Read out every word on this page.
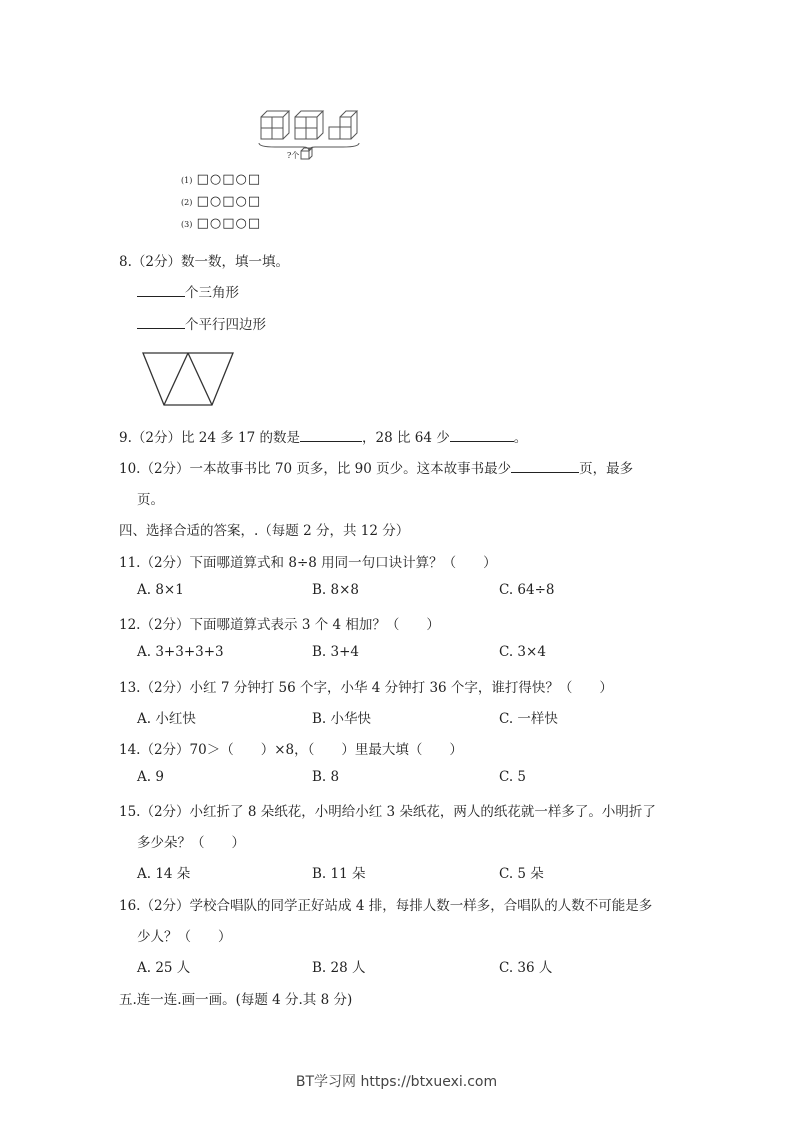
?个
(1) □○□○□
(2) □○□○□
(3) □○□○□
8.（2分）数一数，填一填。
个三角形
个平行四边形
9.（2分）比 24 多 17 的数是	，28 比 64 少	。
10.（2分）一本故事书比 70 页多，比 90 页少。这本故事书最少	页，最多
页。
四、选择合适的答案，.（每题 2 分，共 12 分）
11.（2分）下面哪道算式和 8÷8 用同一句口诀计算？（　　）
A. 8×1	B. 8×8	C. 64÷8
12.（2分）下面哪道算式表示 3 个 4 相加？（　　）
A. 3+3+3+3	B. 3+4	C. 3×4
13.（2分）小红 7 分钟打 56 个字，小华 4 分钟打 36 个字，谁打得快？（　　）
A. 小红快	B. 小华快	C. 一样快
14.（2分）70＞（　　）×8，（　　）里最大填（　　）
A. 9	B. 8	C. 5
15.（2分）小红折了 8 朵纸花，小明给小红 3 朵纸花，两人的纸花就一样多了。小明折了
多少朵？（　　）
A. 14 朵	B. 11 朵	C. 5 朵
16.（2分）学校合唱队的同学正好站成 4 排，每排人数一样多，合唱队的人数不可能是多
少人？（　　）
A. 25 人	B. 28 人	C. 36 人
五.连一连.画一画。(每题 4 分.其 8 分)
BT学习网 https://btxuexi.com
